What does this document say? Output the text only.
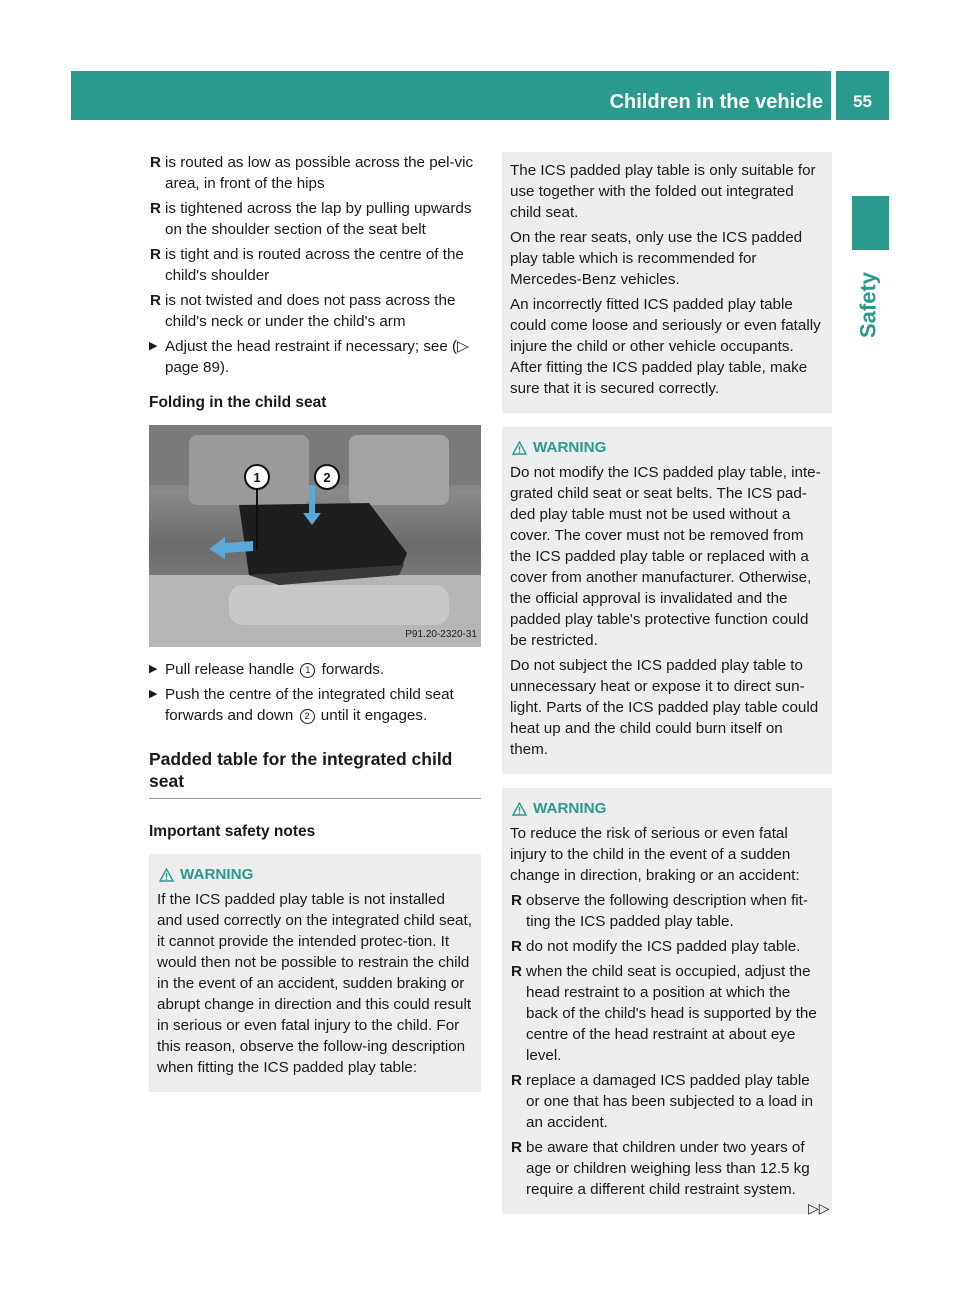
Children in the vehicle	55
Safety
R is routed as low as possible across the pel-vic area, in front of the hips
R is tightened across the lap by pulling upwards on the shoulder section of the seat belt
R is tight and is routed across the centre of the child's shoulder
R is not twisted and does not pass across the child's neck or under the child's arm
▶ Adjust the head restraint if necessary; see (▷ page 89).
Folding in the child seat
1	2
P91.20-2320-31
▶ Pull release handle 1 forwards.
▶ Push the centre of the integrated child seat forwards and down 2 until it engages.
Padded table for the integrated child seat
Important safety notes
WARNING

If the ICS padded play table is not installed and used correctly on the integrated child seat, it cannot provide the intended protec-tion. It would then not be possible to restrain the child in the event of an accident, sudden braking or abrupt change in direction and this could result in serious or even fatal injury to the child. For this reason, observe the follow-ing description when fitting the ICS padded play table:

The ICS padded play table is only suitable for use together with the folded out integrated child seat.

On the rear seats, only use the ICS padded play table which is recommended for Mercedes-Benz vehicles.

An incorrectly fitted ICS padded play table could come loose and seriously or even fatally injure the child or other vehicle occupants. After fitting the ICS padded play table, make sure that it is secured correctly.

WARNING

Do not modify the ICS padded play table, inte-grated child seat or seat belts. The ICS pad-ded play table must not be used without a cover. The cover must not be removed from the ICS padded play table or replaced with a cover from another manufacturer. Otherwise, the official approval is invalidated and the padded play table's protective function could be restricted.

Do not subject the ICS padded play table to unnecessary heat or expose it to direct sun-light. Parts of the ICS padded play table could heat up and the child could burn itself on them.

WARNING

To reduce the risk of serious or even fatal injury to the child in the event of a sudden change in direction, braking or an accident:

R observe the following description when fit-ting the ICS padded play table.
R do not modify the ICS padded play table.
R when the child seat is occupied, adjust the head restraint to a position at which the back of the child's head is supported by the centre of the head restraint at about eye level.
R replace a damaged ICS padded play table or one that has been subjected to a load in an accident.
R be aware that children under two years of age or children weighing less than 12.5 kg require a different child restraint system.
▷▷
